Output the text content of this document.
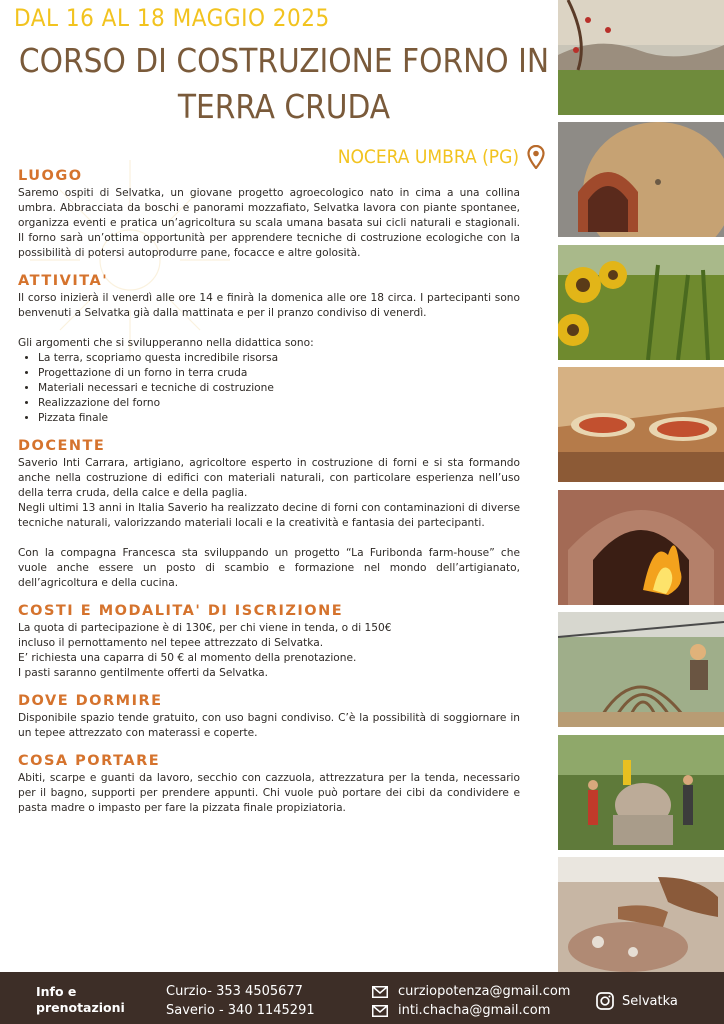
DAL 16 AL 18 MAGGIO 2025
CORSO DI COSTRUZIONE FORNO IN
TERRA CRUDA
NOCERA UMBRA (PG)
LUOGO

Saremo ospiti di Selvatka, un giovane progetto agroecologico nato in cima a una collina umbra. Abbracciata da boschi e panorami mozzafiato, Selvatka lavora con piante spontanee, organizza eventi e pratica un’agricoltura su scala umana basata sui cicli naturali e stagionali. Il forno sarà un’ottima opportunità per apprendere tecniche di costruzione ecologiche con la possibilità di potersi autoprodurre pane, focacce e altre golosità.

ATTIVITA'

Il corso inizierà il venerdì alle ore 14 e finirà la domenica alle ore 18 circa. I partecipanti sono benvenuti a Selvatka già dalla mattinata e per il pranzo condiviso di venerdì.

Gli argomenti che si svilupperanno nella didattica sono:

• La terra, scopriamo questa incredibile risorsa
• Progettazione di un forno in terra cruda
• Materiali necessari e tecniche di costruzione
• Realizzazione del forno
• Pizzata finale
DOCENTE

Saverio Inti Carrara, artigiano, agricoltore esperto in costruzione di forni e si sta formando anche nella costruzione di edifici con materiali naturali, con particolare esperienza nell’uso della terra cruda, della calce e della paglia.

Negli ultimi 13 anni in Italia Saverio ha realizzato decine di forni con contaminazioni di diverse tecniche naturali, valorizzando materiali locali e la creatività e fantasia dei partecipanti.

Con la compagna Francesca sta sviluppando un progetto “La Furibonda farm-house” che vuole anche essere un posto di scambio e formazione nel mondo dell’artigianato, dell’agricoltura e della cucina.

COSTI E MODALITA' DI ISCRIZIONE

La quota di partecipazione è di 130€, per chi viene in tenda, o di 150€

incluso il pernottamento nel tepee attrezzato di Selvatka.

E’ richiesta una caparra di 50 € al momento della prenotazione.

I pasti saranno gentilmente offerti da Selvatka.

DOVE DORMIRE

Disponibile spazio tende gratuito, con uso bagni condiviso. C’è la possibilità di soggiornare in un tepee attrezzato con materassi e coperte.

COSA PORTARE

Abiti, scarpe e guanti da lavoro, secchio con cazzuola, attrezzatura per la tenda, necessario per il bagno, supporti per prendere appunti. Chi vuole può portare dei cibi da condividere e pasta madre o impasto per fare la pizzata finale propiziatoria.

Info e
prenotazioni
Curzio- 353 4505677
Saverio - 340 1145291
curziopotenza@gmail.com
inti.chacha@gmail.com
Selvatka
